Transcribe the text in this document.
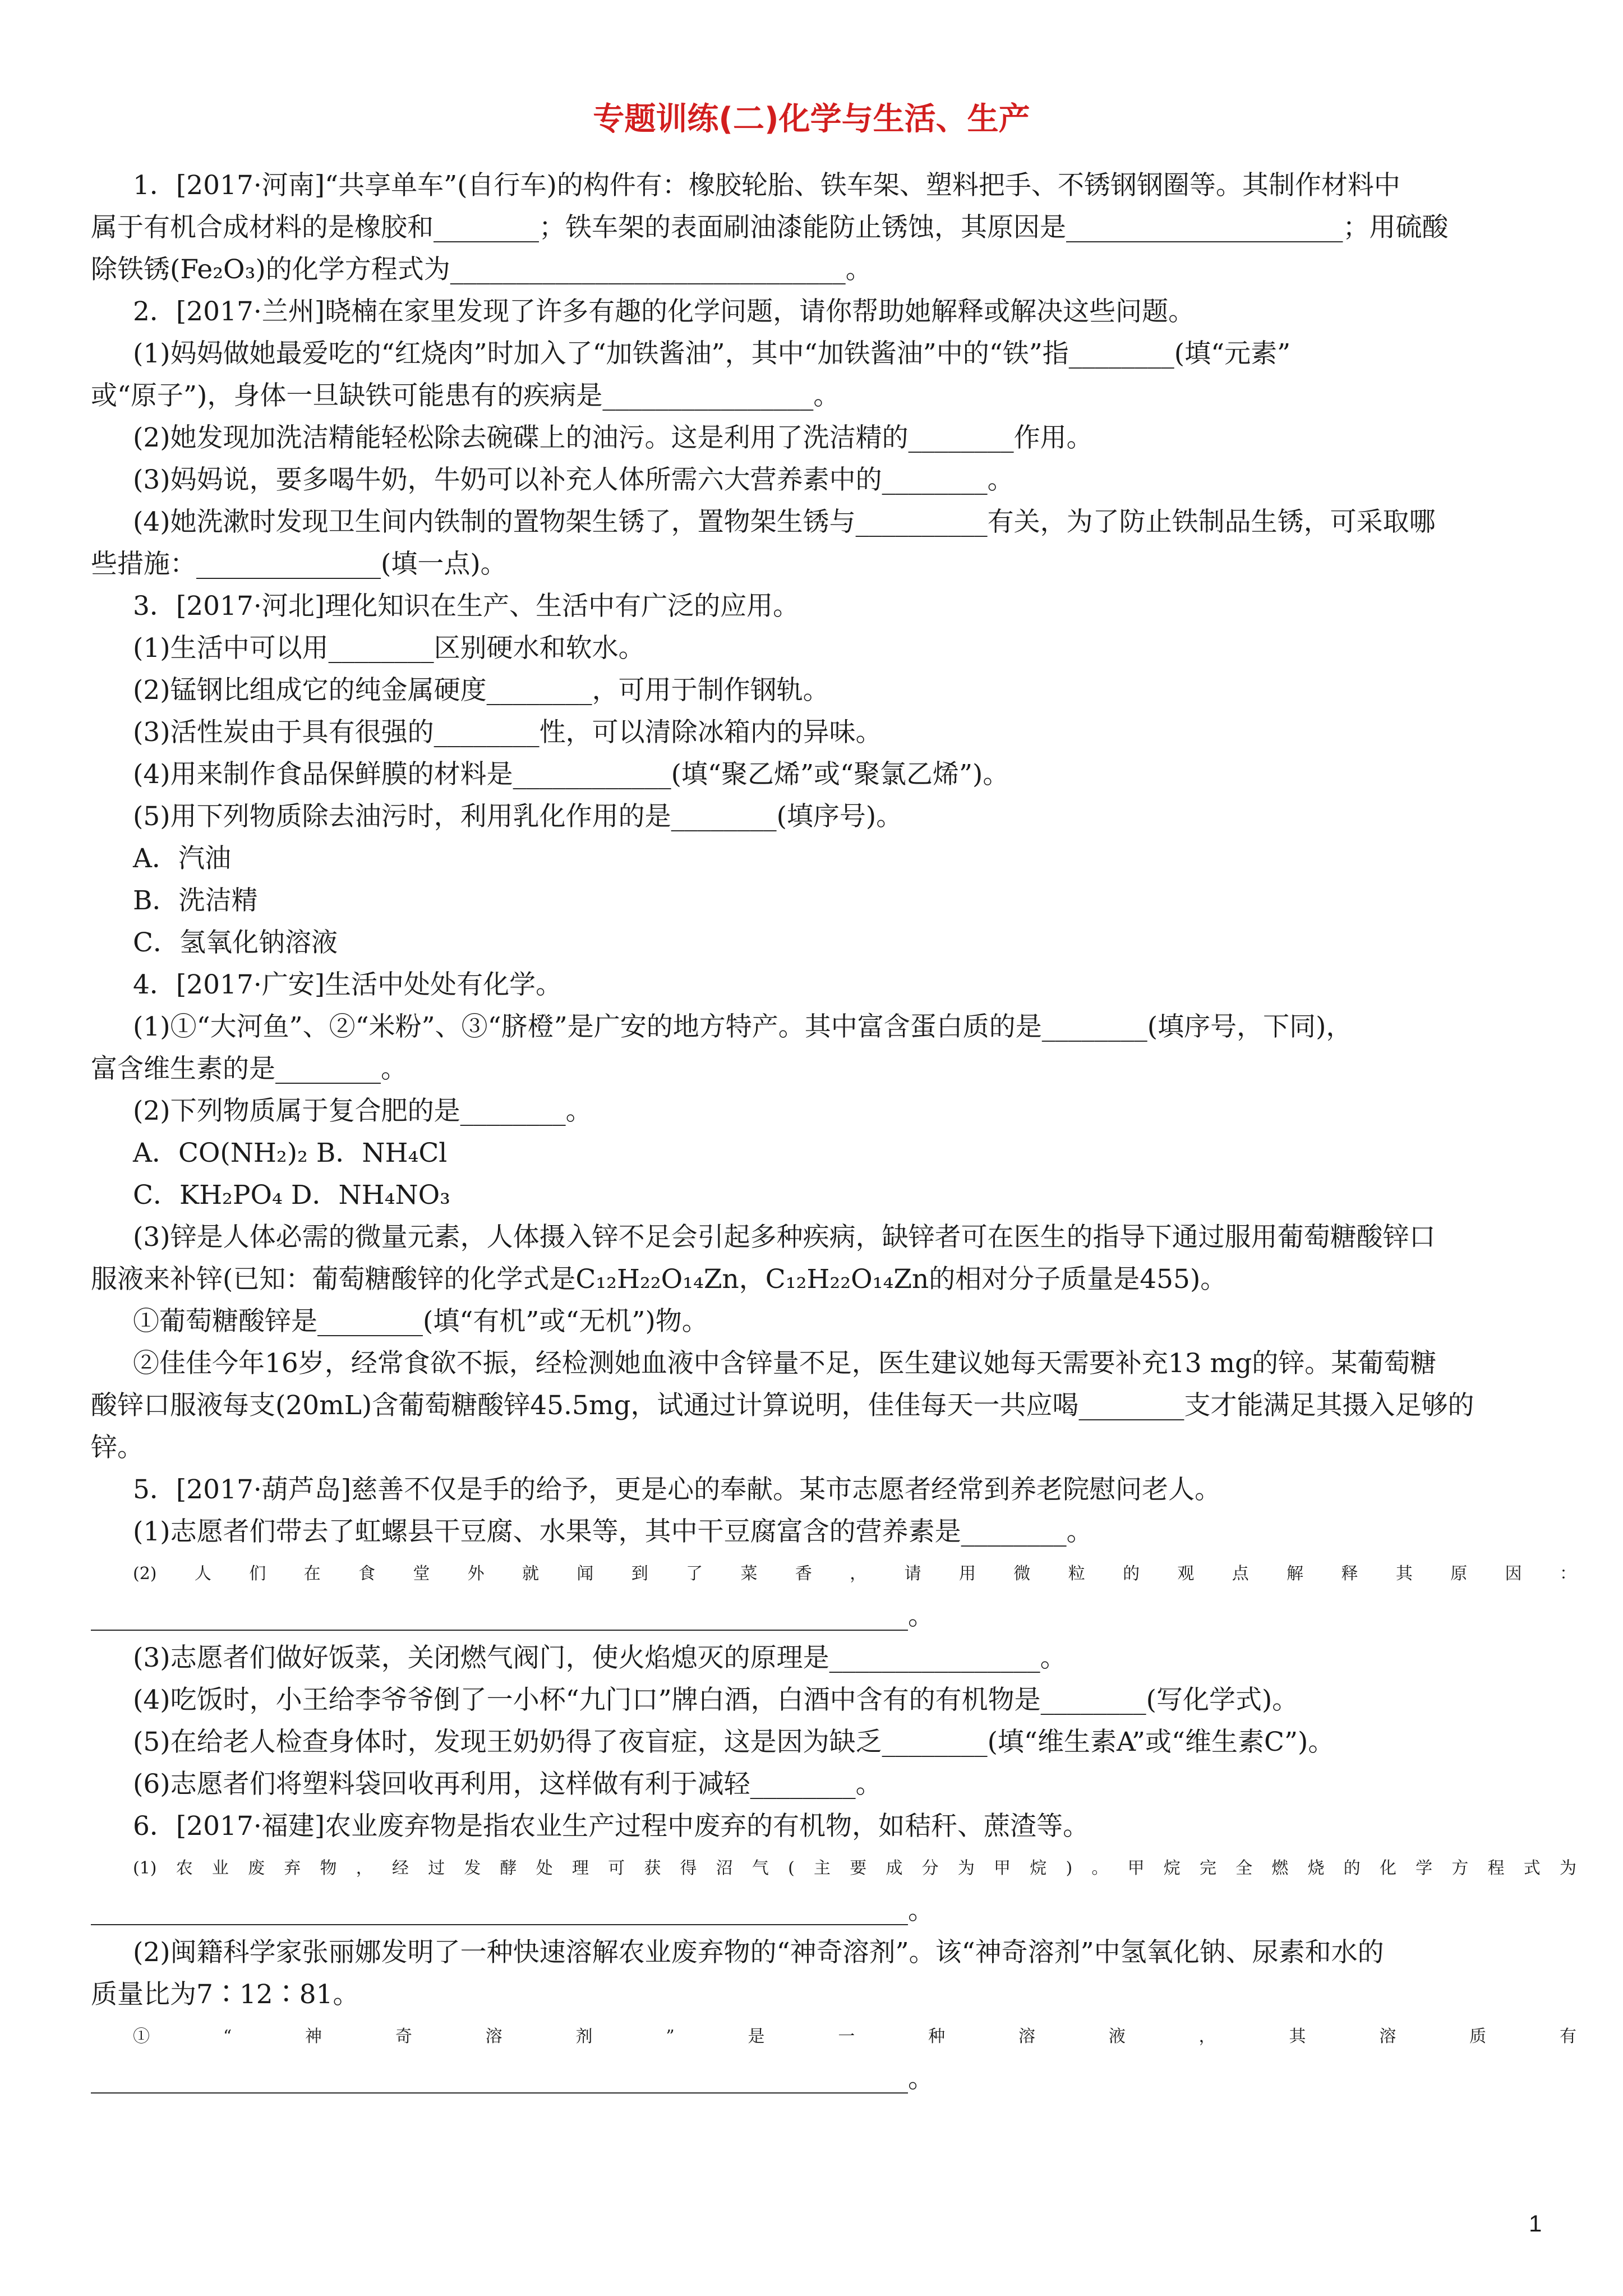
专题训练(二)化学与生活、生产
1．[2017·河南]“共享单车”(自行车)的构件有：橡胶轮胎、铁车架、塑料把手、不锈钢钢圈等。其制作材料中
属于有机合成材料的是橡胶和________；铁车架的表面刷油漆能防止锈蚀，其原因是_____________________；用硫酸
除铁锈(Fe₂O₃)的化学方程式为______________________________。
2．[2017·兰州]晓楠在家里发现了许多有趣的化学问题，请你帮助她解释或解决这些问题。
(1)妈妈做她最爱吃的“红烧肉”时加入了“加铁酱油”，其中“加铁酱油”中的“铁”指________(填“元素”
或“原子”)，身体一旦缺铁可能患有的疾病是________________。
(2)她发现加洗洁精能轻松除去碗碟上的油污。这是利用了洗洁精的________作用。
(3)妈妈说，要多喝牛奶，牛奶可以补充人体所需六大营养素中的________。
(4)她洗漱时发现卫生间内铁制的置物架生锈了，置物架生锈与__________有关，为了防止铁制品生锈，可采取哪
些措施：______________(填一点)。
3．[2017·河北]理化知识在生产、生活中有广泛的应用。
(1)生活中可以用________区别硬水和软水。
(2)锰钢比组成它的纯金属硬度________，可用于制作钢轨。
(3)活性炭由于具有很强的________性，可以清除冰箱内的异味。
(4)用来制作食品保鲜膜的材料是____________(填“聚乙烯”或“聚氯乙烯”)。
(5)用下列物质除去油污时，利用乳化作用的是________(填序号)。
A．汽油
B．洗洁精
C．氢氧化钠溶液
4．[2017·广安]生活中处处有化学。
(1)①“大河鱼”、②“米粉”、③“脐橙”是广安的地方特产。其中富含蛋白质的是________(填序号，下同)，
富含维生素的是________。
(2)下列物质属于复合肥的是________。
A．CO(NH₂)₂ B．NH₄Cl
C．KH₂PO₄ D．NH₄NO₃
(3)锌是人体必需的微量元素，人体摄入锌不足会引起多种疾病，缺锌者可在医生的指导下通过服用葡萄糖酸锌口
服液来补锌(已知：葡萄糖酸锌的化学式是C₁₂H₂₂O₁₄Zn，C₁₂H₂₂O₁₄Zn的相对分子质量是455)。
①葡萄糖酸锌是________(填“有机”或“无机”)物。
②佳佳今年16岁，经常食欲不振，经检测她血液中含锌量不足，医生建议她每天需要补充13 mg的锌。某葡萄糖
酸锌口服液每支(20mL)含葡萄糖酸锌45.5mg，试通过计算说明，佳佳每天一共应喝________支才能满足其摄入足够的
锌。
5．[2017·葫芦岛]慈善不仅是手的给予，更是心的奉献。某市志愿者经常到养老院慰问老人。
(1)志愿者们带去了虹螺县干豆腐、水果等，其中干豆腐富含的营养素是________。
(2)人们在食堂外就闻到了菜香，请用微粒的观点解释其原因：
______________________________________________________________。
(3)志愿者们做好饭菜，关闭燃气阀门，使火焰熄灭的原理是________________。
(4)吃饭时，小王给李爷爷倒了一小杯“九门口”牌白酒，白酒中含有的有机物是________(写化学式)。
(5)在给老人检查身体时，发现王奶奶得了夜盲症，这是因为缺乏________(填“维生素A”或“维生素C”)。
(6)志愿者们将塑料袋回收再利用，这样做有利于减轻________。
6．[2017·福建]农业废弃物是指农业生产过程中废弃的有机物，如秸秆、蔗渣等。
(1)农业废弃物，经过发酵处理可获得沼气(主要成分为甲烷)。甲烷完全燃烧的化学方程式为
______________________________________________________________。
(2)闽籍科学家张丽娜发明了一种快速溶解农业废弃物的“神奇溶剂”。该“神奇溶剂”中氢氧化钠、尿素和水的
质量比为7∶12∶81。
①“神奇溶剂”是一种溶液，其溶质有
______________________________________________________________。
1
